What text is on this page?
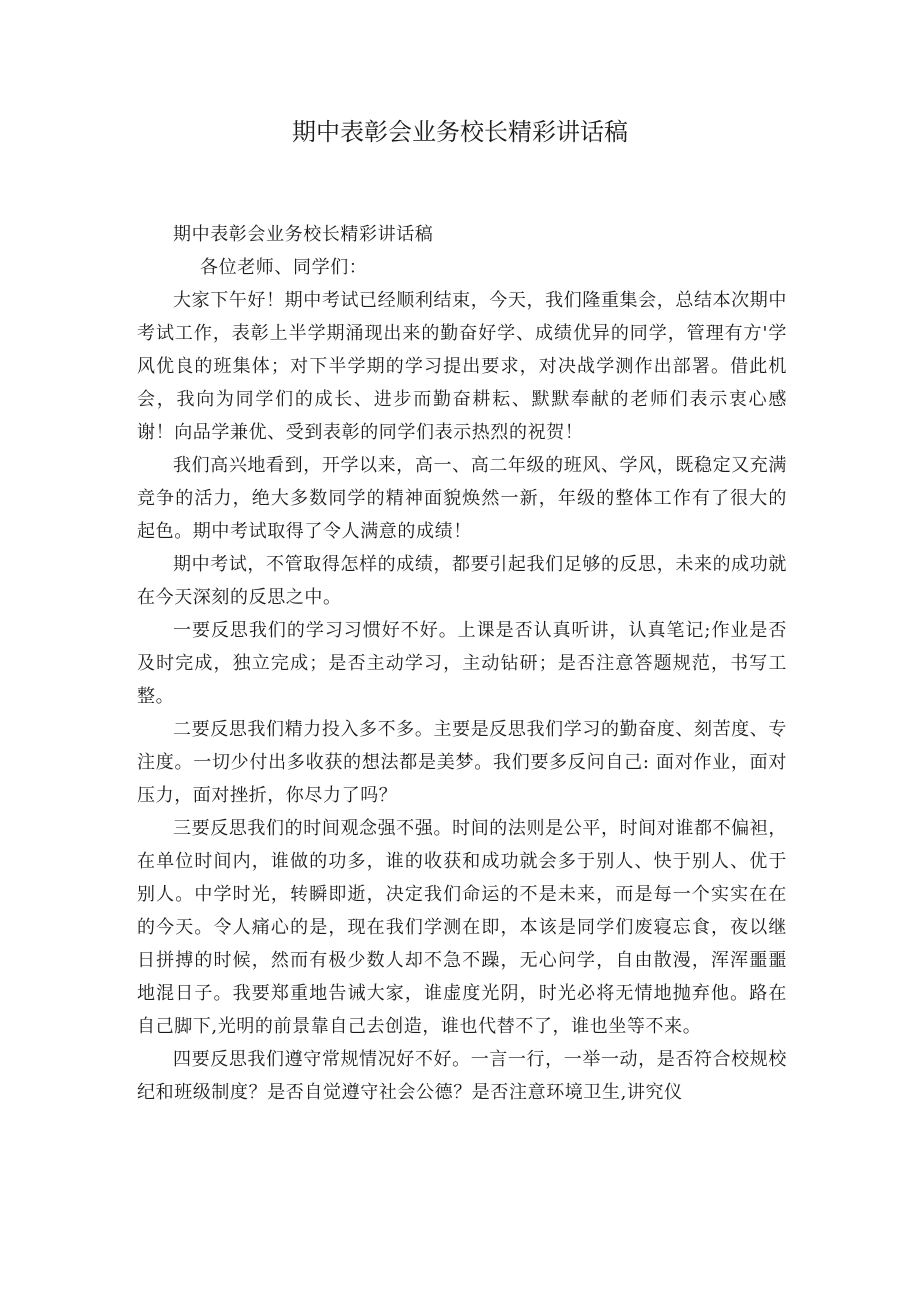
期中表彰会业务校长精彩讲话稿

期中表彰会业务校长精彩讲话稿

各位老师、同学们：

大家下午好！期中考试已经顺利结束，今天，我们隆重集会，总结本次期中考试工作，表彰上半学期涌现出来的勤奋好学、成绩优异的同学，管理有方'学风优良的班集体；对下半学期的学习提出要求，对决战学测作出部署。借此机会，我向为同学们的成长、进步而勤奋耕耘、默默奉献的老师们表示衷心感谢！向品学兼优、受到表彰的同学们表示热烈的祝贺！

我们高兴地看到，开学以来，高一、高二年级的班风、学风，既稳定又充满竞争的活力，绝大多数同学的精神面貌焕然一新，年级的整体工作有了很大的起色。期中考试取得了令人满意的成绩！

期中考试，不管取得怎样的成绩，都要引起我们足够的反思，未来的成功就在今天深刻的反思之中。

一要反思我们的学习习惯好不好。上课是否认真听讲，认真笔记;作业是否及时完成，独立完成；是否主动学习，主动钻研；是否注意答题规范，书写工整。

二要反思我们精力投入多不多。主要是反思我们学习的勤奋度、刻苦度、专注度。一切少付出多收获的想法都是美梦。我们要多反问自己: 面对作业，面对压力，面对挫折，你尽力了吗？

三要反思我们的时间观念强不强。时间的法则是公平，时间对谁都不偏袒，在单位时间内，谁做的功多，谁的收获和成功就会多于别人、快于别人、优于别人。中学时光，转瞬即逝，决定我们命运的不是未来，而是每一个实实在在的今天。令人痛心的是，现在我们学测在即，本该是同学们废寝忘食，夜以继日拼搏的时候，然而有极少数人却不急不躁，无心问学，自由散漫，浑浑噩噩地混日子。我要郑重地告诫大家，谁虚度光阴，时光必将无情地抛弃他。路在自己脚下,光明的前景靠自己去创造，谁也代替不了，谁也坐等不来。

四要反思我们遵守常规情况好不好。一言一行，一举一动，是否符合校规校纪和班级制度？是否自觉遵守社会公德？是否注意环境卫生,讲究仪
